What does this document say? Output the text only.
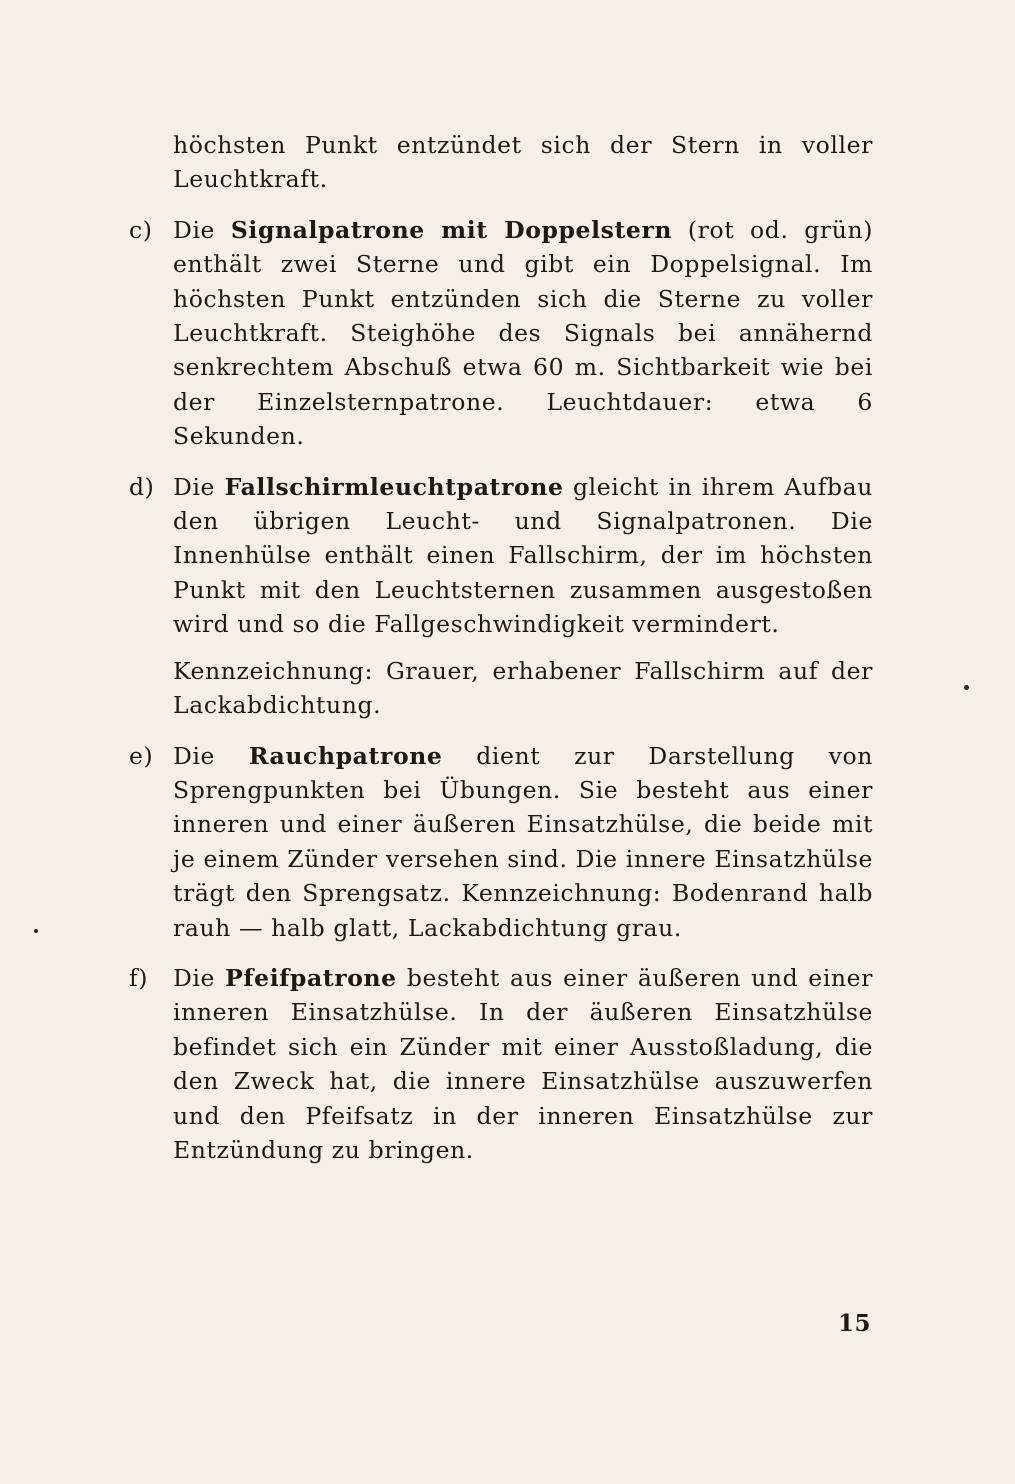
höchsten Punkt entzündet sich der Stern in voller Leuchtkraft.

c) Die Signalpatrone mit Doppelstern (rot od. grün) enthält zwei Sterne und gibt ein Doppelsignal. Im höchsten Punkt entzünden sich die Sterne zu voller Leuchtkraft. Steighöhe des Signals bei annähernd senkrechtem Abschuß etwa 60 m. Sichtbarkeit wie bei der Einzelsternpatrone. Leuchtdauer: etwa 6 Sekunden.

d) Die Fallschirmleuchtpatrone gleicht in ihrem Aufbau den übrigen Leucht- und Signalpatronen. Die Innenhülse enthält einen Fallschirm, der im höchsten Punkt mit den Leuchtsternen zusammen ausgestoßen wird und so die Fallgeschwindigkeit vermindert.

Kennzeichnung: Grauer, erhabener Fallschirm auf der Lackabdichtung.

e) Die Rauchpatrone dient zur Darstellung von Sprengpunkten bei Übungen. Sie besteht aus einer inneren und einer äußeren Einsatzhülse, die beide mit je einem Zünder versehen sind. Die innere Einsatzhülse trägt den Sprengsatz. Kennzeichnung: Bodenrand halb rauh — halb glatt, Lackabdichtung grau.

f)	Die Pfeifpatrone besteht aus einer äußeren und einer inneren Einsatzhülse. In der äußeren Einsatzhülse befindet sich ein Zünder mit einer Ausstoßladung, die den Zweck hat, die innere Einsatzhülse auszuwerfen und den Pfeifsatz in der inneren Einsatzhülse zur Entzündung zu bringen.

15
